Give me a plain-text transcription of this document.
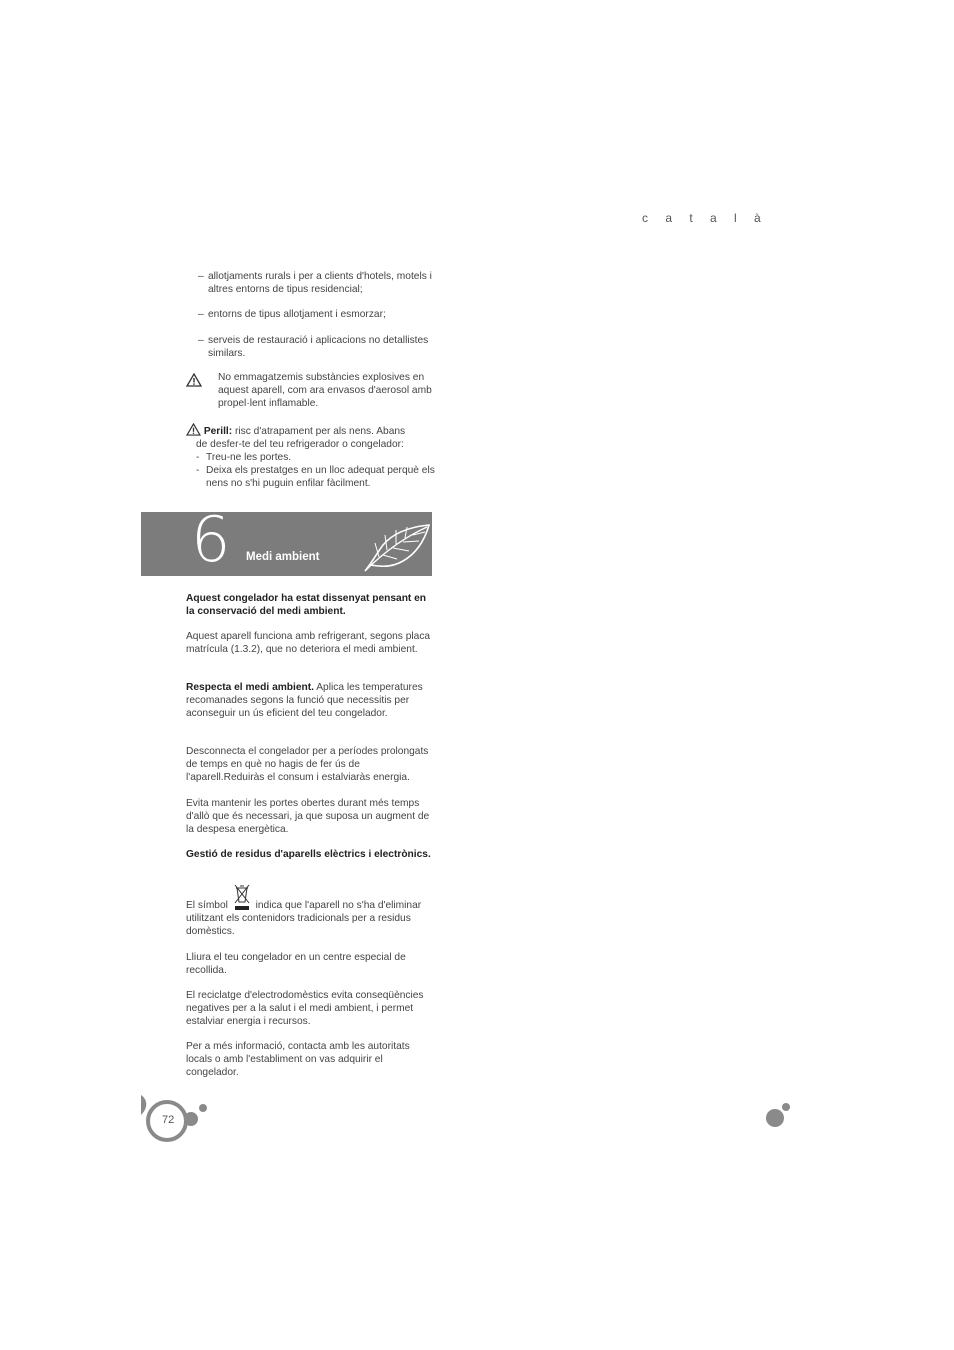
c a t a l à
– allotjaments rurals i per a clients d'hotels, motels i altres entorns de tipus residencial;
– entorns de tipus allotjament i esmorzar;
– serveis de restauració i aplicacions no detallistes similars.
No emmagatzemis substàncies explosives en aquest aparell, com ara envasos d'aerosol amb propel·lent inflamable.
Perill: risc d'atrapament per als nens. Abans
de desfer-te del teu refrigerador o congelador:
- Treu-ne les portes.
- Deixa els prestatges en un lloc adequat perquè els nens no s'hi puguin enfilar fàcilment.
6 Medi ambient
Aquest congelador ha estat dissenyat pensant en la conservació del medi ambient.
Aquest aparell funciona amb refrigerant, segons placa matrícula (1.3.2), que no deteriora el medi ambient.
Respecta el medi ambient. Aplica les temperatures recomanades segons la funció que necessitis per aconseguir un ús eficient del teu congelador.
Desconnecta el congelador per a períodes prolongats de temps en què no hagis de fer ús de l'aparell.Reduiràs el consum i estalviaràs energia.
Evita mantenir les portes obertes durant més temps d'allò que és necessari, ja que suposa un augment de la despesa energètica.
Gestió de residus d'aparells elèctrics i electrònics.
El símbol	indica que l'aparell no s'ha d'eliminar utilitzant els contenidors tradicionals per a residus domèstics.
Lliura el teu congelador en un centre especial de recollida.
El reciclatge d'electrodomèstics evita conseqüències negatives per a la salut i el medi ambient, i permet estalviar energia i recursos.
Per a més informació, contacta amb les autoritats locals o amb l'establiment on vas adquirir el congelador.
72
